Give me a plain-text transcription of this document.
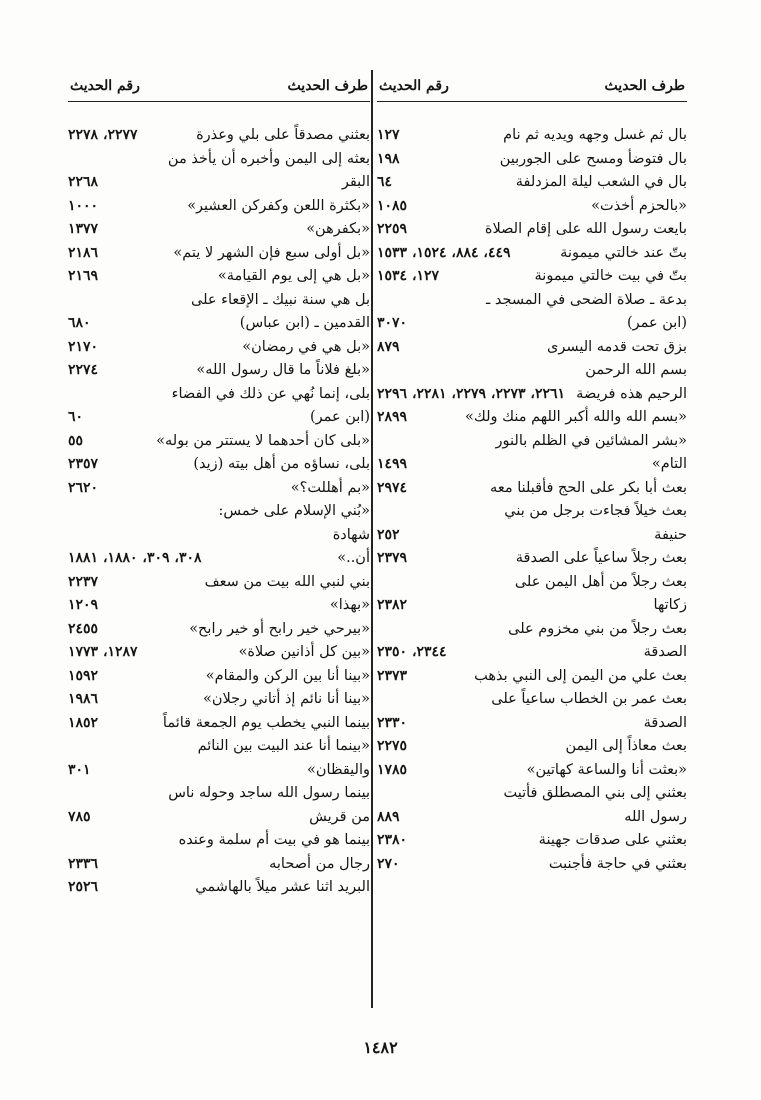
طرف الحديث
رقم الحديث
بال ثم غسل وجهه ويديه ثم نام
١٢٧
بال فتوضأ ومسح على الجوربين
١٩٨
بال في الشعب ليلة المزدلفة
٦٤
«بالحزم أخذت»
١٠٨٥
بايعت رسول الله على إقام الصلاة
٢٢٥٩
بتّ عند خالتي ميمونة
٤٤٩، ٨٨٤، ١٥٢٤، ١٥٣٣
بتّ في بيت خالتي ميمونة
١٢٧، ١٥٣٤
بدعة ـ صلاة الضحى في المسجد ـ
(ابن عمر)
٣٠٧٠
بزق تحت قدمه اليسرى
٨٧٩
بسم الله الرحمن الرحيم هذه فريضة
٢٢٦١، ٢٢٧٣، ٢٢٧٩، ٢٢٨١، ٢٢٩٦
«بسم الله والله أكبر اللهم منك ولك»
٢٨٩٩
«بشر المشائين في الظلم بالنور
التام»
١٤٩٩
بعث أبا بكر على الحج فأقبلنا معه
٢٩٧٤
بعث خيلاً فجاءت برجل من بني
حنيفة
٢٥٢
بعث رجلاً ساعياً على الصدقة
٢٣٧٩
بعث رجلاً من أهل اليمن على
زكاتها
٢٣٨٢
بعث رجلاً من بني مخزوم على
الصدقة
٢٣٤٤، ٢٣٥٠
بعث علي من اليمن إلى النبي بذهب
٢٣٧٣
بعث عمر بن الخطاب ساعياً على
الصدقة
٢٣٣٠
بعث معاذاً إلى اليمن
٢٢٧٥
«بعثت أنا والساعة كهاتين»
١٧٨٥
بعثني إلى بني المصطلق فأتيت
رسول الله
٨٨٩
بعثني على صدقات جهينة
٢٣٨٠
بعثني في حاجة فأجنبت
٢٧٠
طرف الحديث
رقم الحديث
بعثني مصدقاً على بلي وعذرة
٢٢٧٧، ٢٢٧٨
بعثه إلى اليمن وأخبره أن يأخذ من
البقر
٢٢٦٨
«بكثرة اللعن وكفركن العشير»
١٠٠٠
«بكفرهن»
١٣٧٧
«بل أولى سبع فإن الشهر لا يتم»
٢١٨٦
«بل هي إلى يوم القيامة»
٢١٦٩
بل هي سنة نبيك ـ الإقعاء على
القدمين ـ (ابن عباس)
٦٨٠
«بل هي في رمضان»
٢١٧٠
«بلغ فلاناً ما قال رسول الله»
٢٢٧٤
بلى، إنما نُهي عن ذلك في الفضاء
(ابن عمر)
٦٠
«بلى كان أحدهما لا يستتر من بوله»
٥٥
بلى، نساؤه من أهل بيته (زيد)
٢٣٥٧
«بم أهللت؟»
٢٦٢٠
«بُني الإسلام على خمس: شهادة
أن..»
٣٠٨، ٣٠٩، ١٨٨٠، ١٨٨١
بني لنبي الله بيت من سعف
٢٢٣٧
«بهذا»
١٢٠٩
«بيرحي خير رابح أو خير رابح»
٢٤٥٥
«بين كل أذانين صلاة»
١٢٨٧، ١٧٧٣
«بينا أنا بين الركن والمقام»
١٥٩٢
«بينا أنا نائم إذ أتاني رجلان»
١٩٨٦
بينما النبي يخطب يوم الجمعة قائماً
١٨٥٢
«بينما أنا عند البيت بين النائم
واليقظان»
٣٠١
بينما رسول الله ساجد وحوله ناس
من قريش
٧٨٥
بينما هو في بيت أم سلمة وعنده
رجال من أصحابه
٢٣٣٦
البريد اثنا عشر ميلاً بالهاشمي
٢٥٢٦
١٤٨٢
